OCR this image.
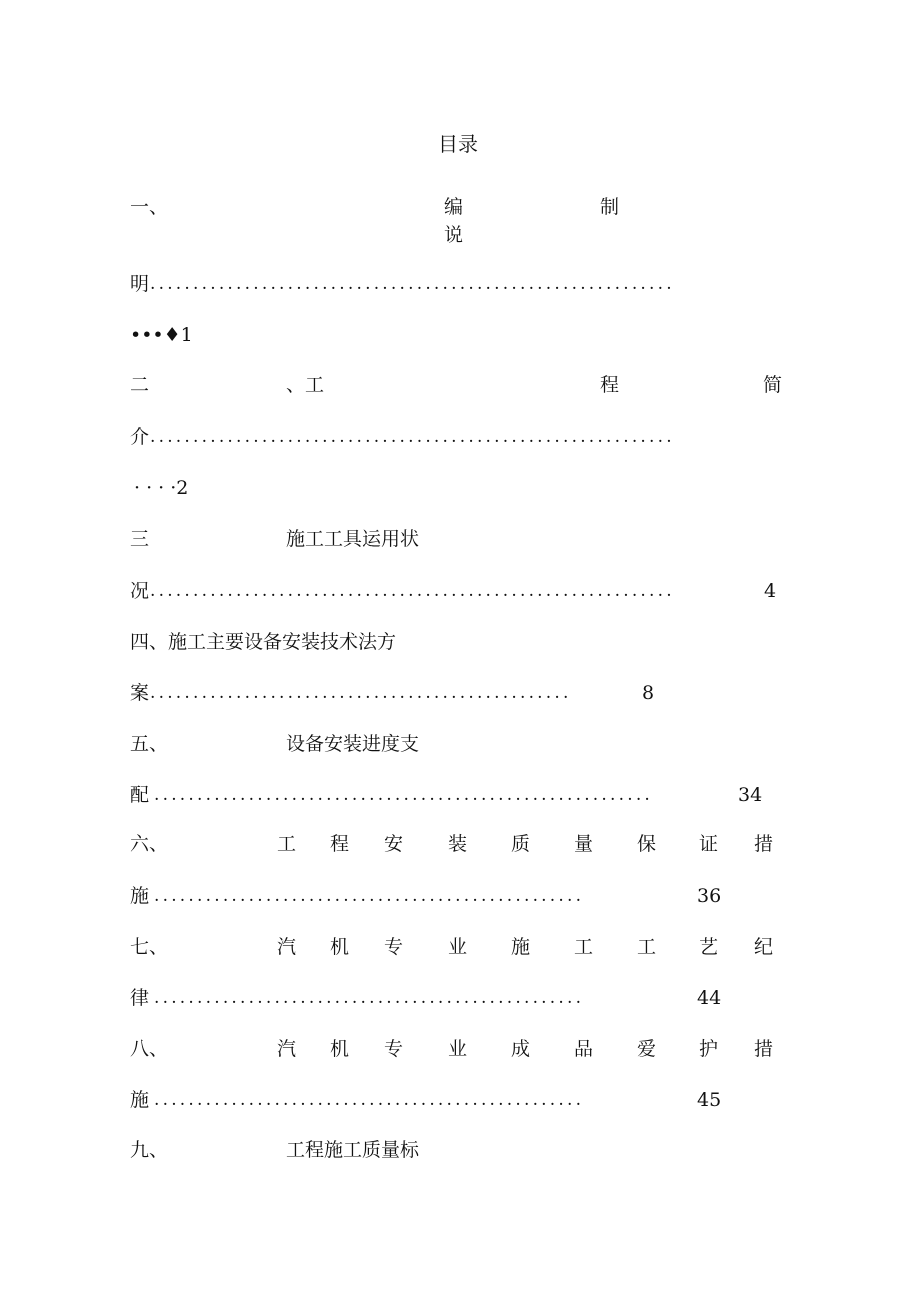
目录
一、	编	制
说
明 .............................................................
•••♦1
二	、工	程	简
介 .............................................................
· · · ·2
三	施工工具运用状
况 .............................................................	4
四、施工主要设备安装技术法方
案 .................................................	8
五、	设备安装进度支
配 ..........................................................	34
六、	工 程 安 装 质 量 保 证 措
施 ..................................................	36
七、	汽 机 专 业 施 工 工 艺 纪
律 ..................................................	44
八、	汽 机 专 业 成 品 爱 护 措
施 ..................................................	45
九、	工程施工质量标
